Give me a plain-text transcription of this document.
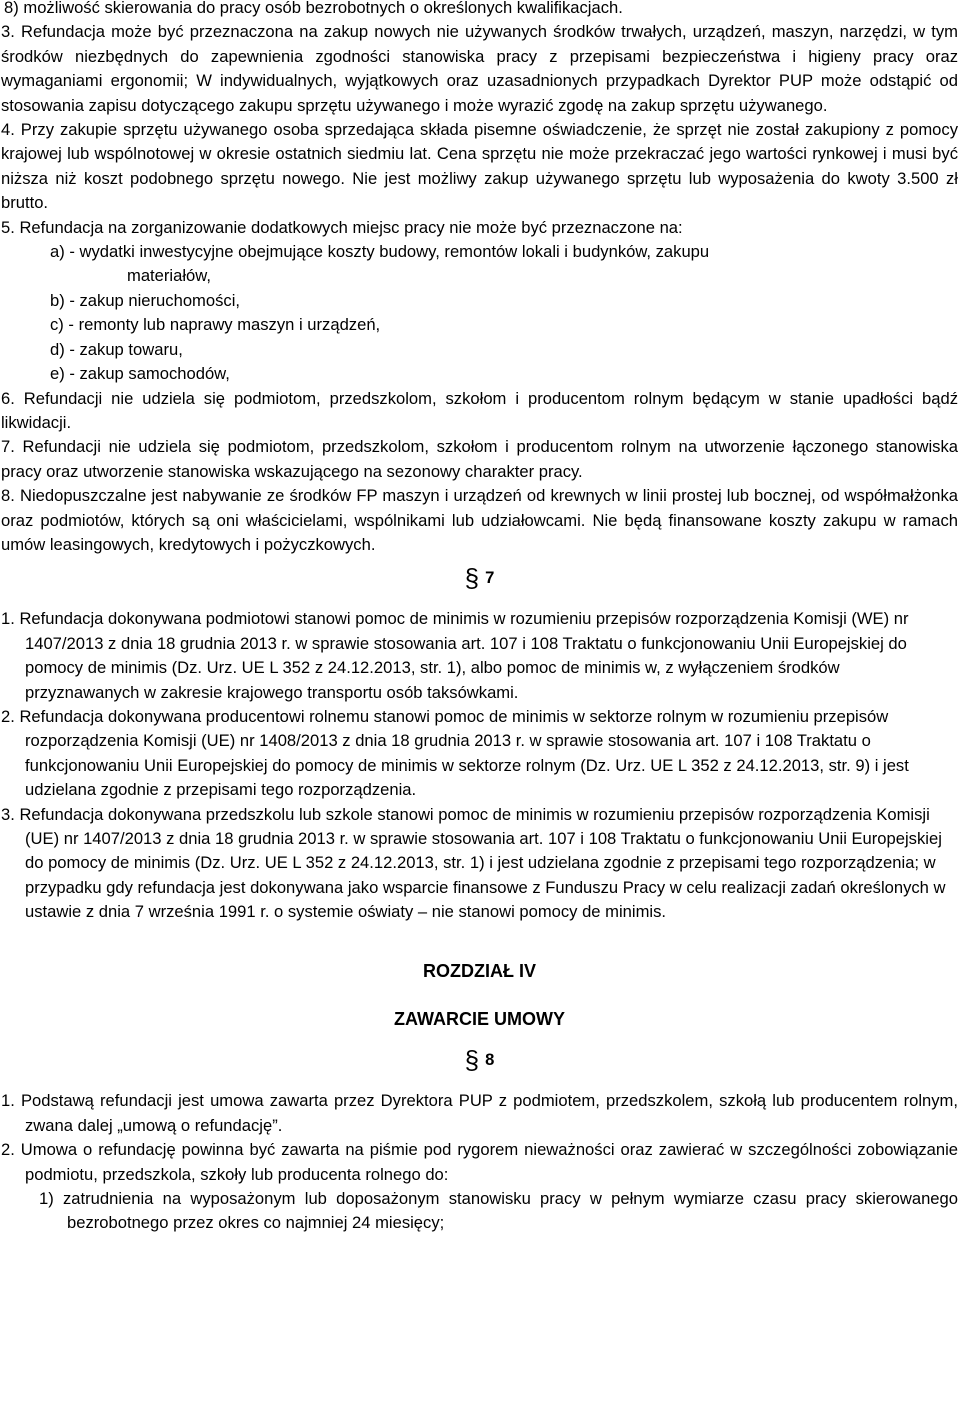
8) możliwość skierowania do pracy osób bezrobotnych o określonych kwalifikacjach.

3. Refundacja może być przeznaczona na zakup nowych nie używanych środków trwałych, urządzeń, maszyn, narzędzi, w tym środków niezbędnych do zapewnienia zgodności stanowiska pracy z przepisami bezpieczeństwa i higieny pracy oraz wymaganiami ergonomii; W indywidualnych, wyjątkowych oraz uzasadnionych przypadkach Dyrektor PUP może odstąpić od stosowania zapisu dotyczącego zakupu sprzętu używanego i może wyrazić zgodę na zakup sprzętu używanego.

4. Przy zakupie sprzętu używanego osoba sprzedająca składa pisemne oświadczenie, że sprzęt nie został zakupiony z pomocy krajowej lub wspólnotowej w okresie ostatnich siedmiu lat. Cena sprzętu nie może przekraczać jego wartości rynkowej i musi być niższa niż koszt podobnego sprzętu nowego. Nie jest możliwy zakup używanego sprzętu lub wyposażenia do kwoty 3.500 zł brutto.

5. Refundacja na zorganizowanie dodatkowych miejsc pracy nie może być przeznaczone na:

a) - wydatki inwestycyjne obejmujące koszty budowy, remontów lokali i budynków, zakupu

materiałów,

b) - zakup nieruchomości,

c) - remonty lub naprawy maszyn i urządzeń,

d) - zakup towaru,

e) - zakup samochodów,

6. Refundacji nie udziela się podmiotom, przedszkolom, szkołom i producentom rolnym będącym w stanie upadłości bądź likwidacji.

7. Refundacji nie udziela się podmiotom, przedszkolom, szkołom i producentom rolnym na utworzenie łączonego stanowiska pracy oraz utworzenie stanowiska wskazującego na sezonowy charakter pracy.

8. Niedopuszczalne jest nabywanie ze środków FP maszyn i urządzeń od krewnych w linii prostej lub bocznej, od współmałżonka oraz podmiotów, których są oni właścicielami, wspólnikami lub udziałowcami. Nie będą finansowane koszty zakupu w ramach umów leasingowych, kredytowych i pożyczkowych.

§ 7

1. Refundacja dokonywana podmiotowi stanowi pomoc de minimis w rozumieniu przepisów rozporządzenia Komisji (WE) nr 1407/2013 z dnia 18 grudnia 2013 r. w sprawie stosowania art. 107 i 108 Traktatu o funkcjonowaniu Unii Europejskiej do pomocy de minimis (Dz. Urz. UE L 352 z 24.12.2013, str. 1), albo pomoc de minimis w, z wyłączeniem środków przyznawanych w zakresie krajowego transportu osób taksówkami.

2. Refundacja dokonywana producentowi rolnemu stanowi pomoc de minimis w sektorze rolnym w rozumieniu przepisów rozporządzenia Komisji (UE) nr 1408/2013 z dnia 18 grudnia 2013 r. w sprawie stosowania art. 107 i 108 Traktatu o funkcjonowaniu Unii Europejskiej do pomocy de minimis w sektorze rolnym (Dz. Urz. UE L 352 z 24.12.2013, str. 9) i jest udzielana zgodnie z przepisami tego rozporządzenia.

3. Refundacja dokonywana przedszkolu lub szkole stanowi pomoc de minimis w rozumieniu przepisów rozporządzenia Komisji (UE) nr 1407/2013 z dnia 18 grudnia 2013 r. w sprawie stosowania art. 107 i 108 Traktatu o funkcjonowaniu Unii Europejskiej do pomocy de minimis (Dz. Urz. UE L 352 z 24.12.2013, str. 1) i jest udzielana zgodnie z przepisami tego rozporządzenia; w przypadku gdy refundacja jest dokonywana jako wsparcie finansowe z Funduszu Pracy w celu realizacji zadań określonych w ustawie z dnia 7 września 1991 r. o systemie oświaty – nie stanowi pomocy de minimis.

ROZDZIAŁ IV
ZAWARCIE UMOWY
§ 8

1. Podstawą refundacji jest umowa zawarta przez Dyrektora PUP z podmiotem, przedszkolem, szkołą lub producentem rolnym, zwana dalej „umową o refundację”.

2. Umowa o refundację powinna być zawarta na piśmie pod rygorem nieważności oraz zawierać w szczególności zobowiązanie podmiotu, przedszkola, szkoły lub producenta rolnego do:

1) zatrudnienia na wyposażonym lub doposażonym stanowisku pracy w pełnym wymiarze czasu pracy skierowanego bezrobotnego przez okres co najmniej 24 miesięcy;
